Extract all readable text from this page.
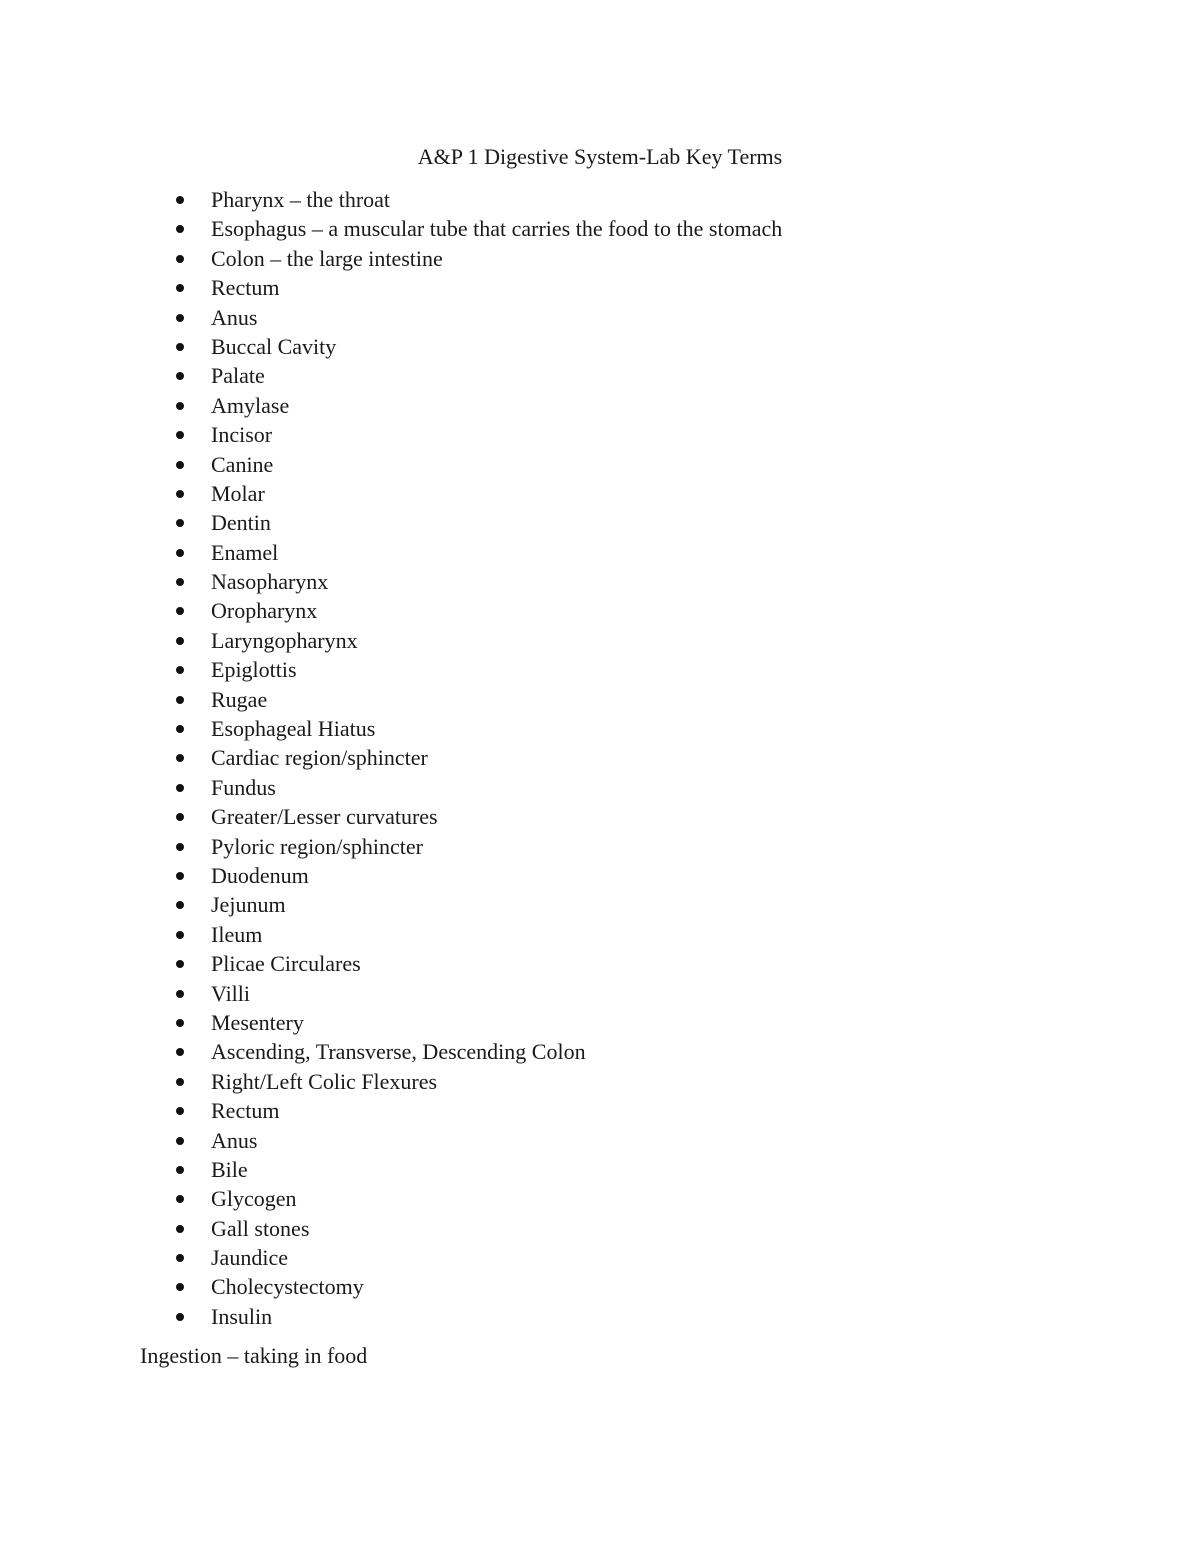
A&P 1 Digestive System-Lab Key Terms
Pharynx – the throat
Esophagus – a muscular tube that carries the food to the stomach
Colon – the large intestine
Rectum
Anus
Buccal Cavity
Palate
Amylase
Incisor
Canine
Molar
Dentin
Enamel
Nasopharynx
Oropharynx
Laryngopharynx
Epiglottis
Rugae
Esophageal Hiatus
Cardiac region/sphincter
Fundus
Greater/Lesser curvatures
Pyloric region/sphincter
Duodenum
Jejunum
Ileum
Plicae Circulares
Villi
Mesentery
Ascending, Transverse, Descending Colon
Right/Left Colic Flexures
Rectum
Anus
Bile
Glycogen
Gall stones
Jaundice
Cholecystectomy
Insulin
Ingestion – taking in food
